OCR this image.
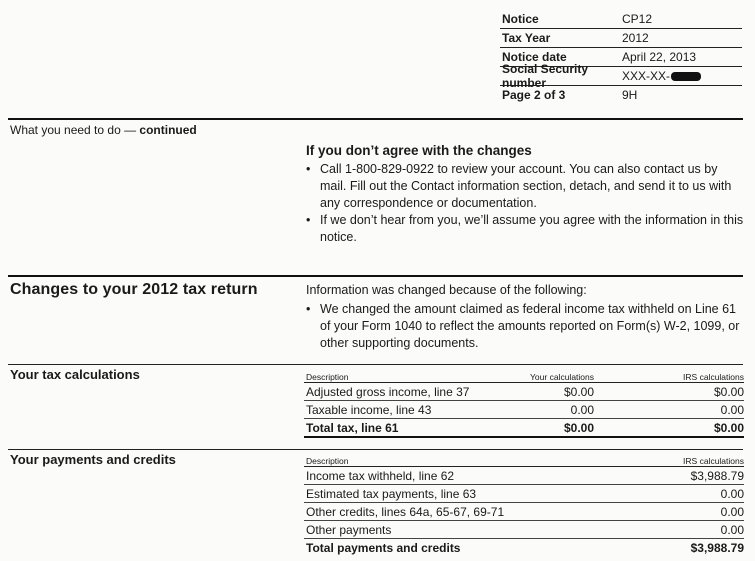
Notice	CP12
Tax Year	2012
Notice date	April 22, 2013
Social Security number	XXX-XX-
Page 2 of 3	9H
What you need to do — continued
If you don’t agree with the changes
• Call 1-800-829-0922 to review your account. You can also contact us by mail. Fill out the Contact information section, detach, and send it to us with any correspondence or documentation.
• If we don’t hear from you, we’ll assume you agree with the information in this notice.
Changes to your 2012 tax return	Information was changed because of the following:
• We changed the amount claimed as federal income tax withheld on Line 61 of your Form 1040 to reflect the amounts reported on Form(s) W-2, 1099, or other supporting documents.
Your tax calculations	Description	Your calculations	IRS calculations
Adjusted gross income, line 37	$0.00	$0.00
Taxable income, line 43	0.00	0.00
Total tax, line 61	$0.00	$0.00
Your payments and credits	Description	IRS calculations
Income tax withheld, line 62	$3,988.79
Estimated tax payments, line 63	0.00
Other credits, lines 64a, 65-67, 69-71	0.00
Other payments	0.00
Total payments and credits	$3,988.79
